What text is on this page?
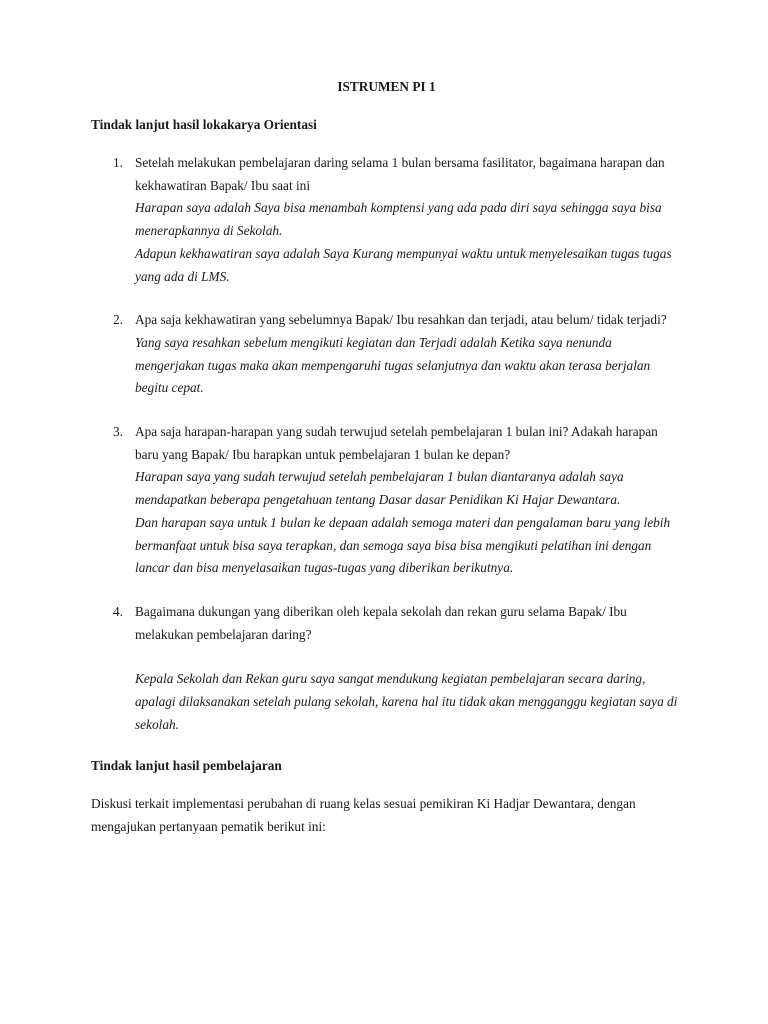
ISTRUMEN PI 1
Tindak lanjut hasil lokakarya Orientasi
1. Setelah melakukan pembelajaran daring selama 1 bulan bersama fasilitator, bagaimana harapan dan kekhawatiran Bapak/ Ibu saat ini
Harapan saya adalah Saya bisa menambah komptensi yang ada pada diri saya sehingga saya bisa menerapkannya di Sekolah.
Adapun kekhawatiran saya adalah Saya Kurang mempunyai waktu untuk menyelesaikan tugas tugas yang ada di LMS.
2. Apa saja kekhawatiran yang sebelumnya Bapak/ Ibu resahkan dan terjadi, atau belum/ tidak terjadi?
Yang saya resahkan sebelum mengikuti kegiatan dan Terjadi adalah Ketika saya nenunda mengerjakan tugas maka akan mempengaruhi tugas selanjutnya dan waktu akan terasa berjalan begitu cepat.
3. Apa saja harapan-harapan yang sudah terwujud setelah pembelajaran 1 bulan ini? Adakah harapan baru yang Bapak/ Ibu harapkan untuk pembelajaran 1 bulan ke depan?
Harapan saya yang sudah terwujud setelah pembelajaran 1 bulan diantaranya adalah saya mendapatkan beberapa pengetahuan tentang Dasar dasar Penidikan Ki Hajar Dewantara.
Dan harapan saya untuk 1 bulan ke depaan adalah semoga materi dan pengalaman baru yang lebih bermanfaat untuk bisa saya terapkan, dan semoga saya bisa bisa mengikuti pelatihan ini dengan lancar dan bisa menyelasaikan tugas-tugas yang diberikan berikutnya.
4. Bagaimana dukungan yang diberikan oleh kepala sekolah dan rekan guru selama Bapak/ Ibu melakukan pembelajaran daring?
Kepala Sekolah dan Rekan guru saya sangat mendukung kegiatan pembelajaran secara daring, apalagi dilaksanakan setelah pulang sekolah, karena hal itu tidak akan mengganggu kegiatan saya di sekolah.
Tindak lanjut hasil pembelajaran

Diskusi terkait implementasi perubahan di ruang kelas sesuai pemikiran Ki Hadjar Dewantara, dengan mengajukan pertanyaan pematik berikut ini:
